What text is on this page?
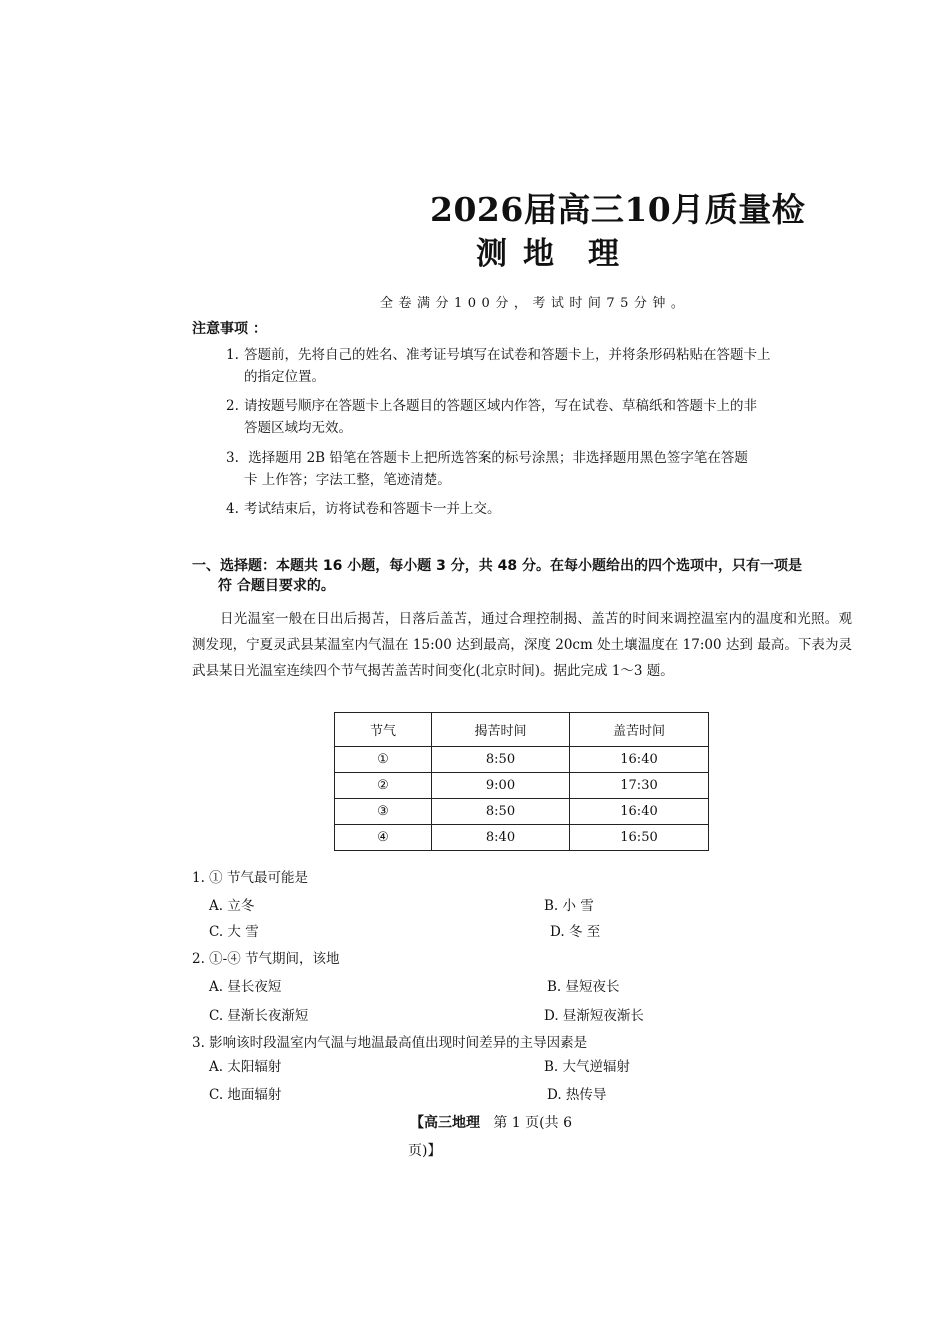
2026届高三10月质量检
测 地 理
全卷满分100分，考试时间75分钟。
注意事项 ：
1. 答题前，先将自己的姓名、准考证号填写在试卷和答题卡上，并将条形码粘贴在答题卡上
的指定位置。
2. 请按题号顺序在答题卡上各题目的答题区域内作答，写在试卷、草稿纸和答题卡上的非
答题区域均无效。
3. 选择题用 2B 铅笔在答题卡上把所选答案的标号涂黑；非选择题用黑色签字笔在答题
卡 上作答；字法工整，笔迹清楚。
4. 考试结束后，访将试卷和答题卡一并上交。
一、选择题：本题共 16 小题，每小题 3 分，共 48 分。在每小题给出的四个选项中，只有一项是
符 合题目要求的。
日光温室一般在日出后揭苫，日落后盖苫，通过合理控制揭、盖苫的时间来调控温室内的温度和光照。观测发现，宁夏灵武县某温室内气温在 15:00 达到最高，深度 20cm 处土壤温度在 17:00 达到 最高。下表为灵武县某日光温室连续四个节气揭苦盖苦时间变化(北京时间)。据此完成 1～3 题。
节气	揭苦时间	盖苦时间
①	8:50	16:40
②	9:00	17:30
③	8:50	16:40
④	8:40	16:50
1. ① 节气最可能是
A. 立冬	B. 小 雪
C. 大 雪	D. 冬 至
2. ①-④ 节气期间，该地
A. 昼长夜短	B. 昼短夜长
C. 昼渐长夜渐短	D. 昼渐短夜渐长
3. 影响该时段温室内气温与地温最高值出现时间差异的主导因素是
A. 太阳辐射	B. 大气逆辐射
C. 地面辐射	D. 热传导
【高三地理 第 1 页(共 6
页)】
